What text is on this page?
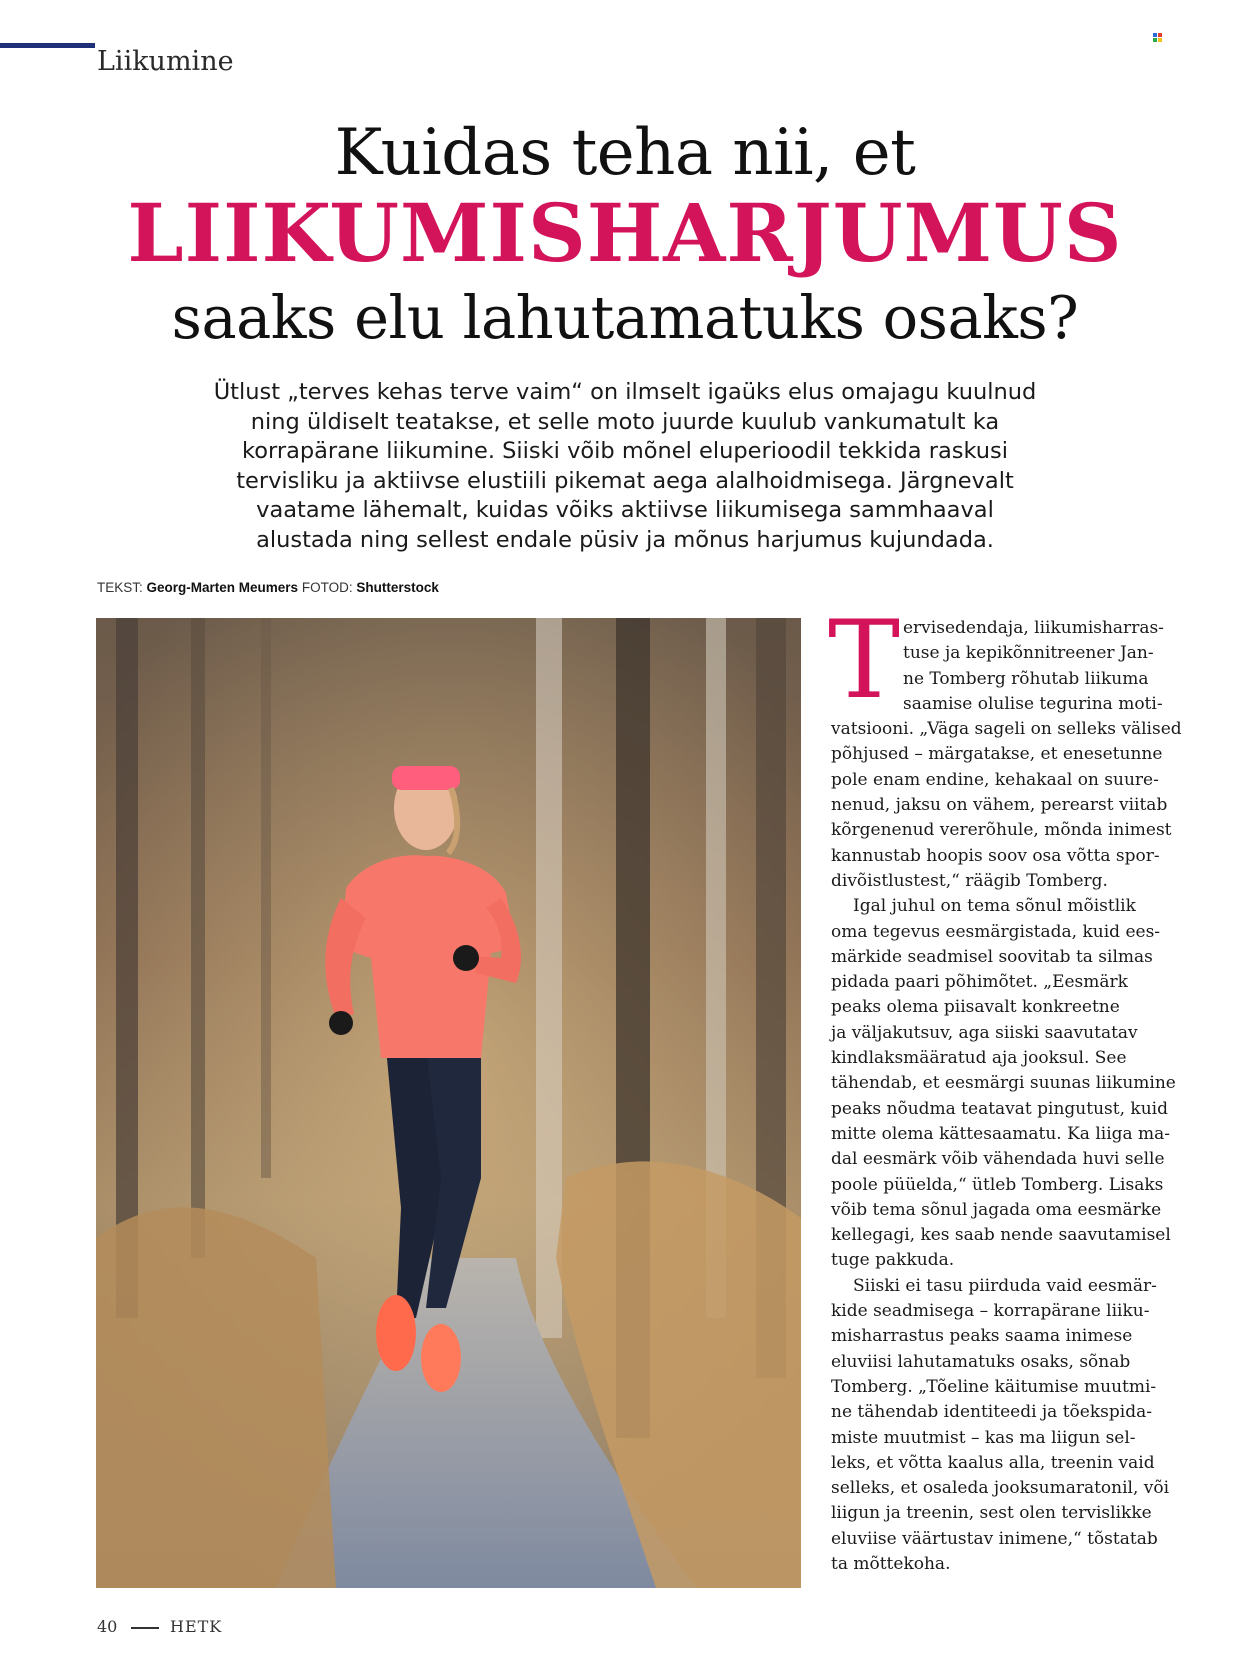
Liikumine
Kuidas teha nii, et
LIIKUMISHARJUMUS
saaks elu lahutamatuks osaks?
Ütlust „terves kehas terve vaim“ on ilmselt igaüks elus omajagu kuulnud
ning üldiselt teatakse, et selle moto juurde kuulub vankumatult ka
korrapärane liikumine. Siiski võib mõnel eluperioodil tekkida raskusi
tervisliku ja aktiivse elustiili pikemat aega alalhoidmisega. Järgnevalt
vaatame lähemalt, kuidas võiks aktiivse liikumisega sammhaaval
alustada ning sellest endale püsiv ja mõnus harjumus kujundada.
TEKST: Georg-Marten Meumers FOTOD: Shutterstock
T ervisedendaja, liikumisharras-
tuse ja kepikõnnitreener Jan-
ne Tomberg rõhutab liikuma
saamise olulise tegurina moti-
vatsiooni. „Väga sageli on selleks välised
põhjused – märgatakse, et enesetunne
pole enam endine, kehakaal on suure-
nenud, jaksu on vähem, perearst viitab
kõrgenenud vererõhule, mõnda inimest
kannustab hoopis soov osa võtta spor-
divõistlustest,“ räägib Tomberg.
Igal juhul on tema sõnul mõistlik
oma tegevus eesmärgistada, kuid ees-
märkide seadmisel soovitab ta silmas
pidada paari põhimõtet. „Eesmärk
peaks olema piisavalt konkreetne
ja väljakutsuv, aga siiski saavutatav
kindlaksmääratud aja jooksul. See
tähendab, et eesmärgi suunas liikumine
peaks nõudma teatavat pingutust, kuid
mitte olema kättesaamatu. Ka liiga ma-
dal eesmärk võib vähendada huvi selle
poole püüelda,“ ütleb Tomberg. Lisaks
võib tema sõnul jagada oma eesmärke
kellegagi, kes saab nende saavutamisel
tuge pakkuda.
Siiski ei tasu piirduda vaid eesmär-
kide seadmisega – korrapärane liiku-
misharrastus peaks saama inimese
eluviisi lahutamatuks osaks, sõnab
Tomberg. „Tõeline käitumise muutmi-
ne tähendab identiteedi ja tõekspida-
miste muutmist – kas ma liigun sel-
leks, et võtta kaalus alla, treenin vaid
selleks, et osaleda jooksumaratonil, või
liigun ja treenin, sest olen tervislikke
eluviise väärtustav inimene,“ tõstatab
ta mõttekoha.
40	HETK
